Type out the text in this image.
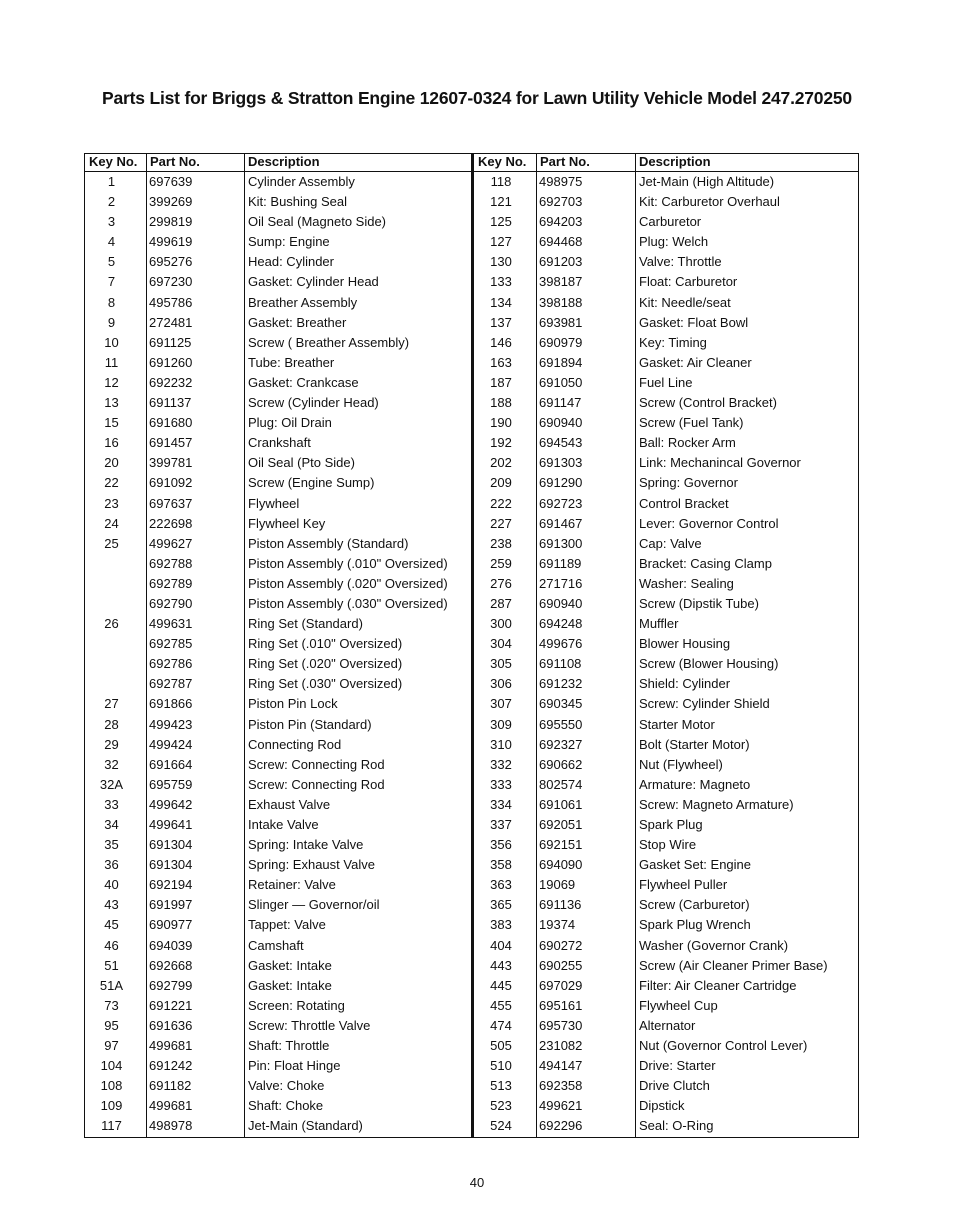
Parts List for Briggs & Stratton Engine 12607-0324 for Lawn Utility Vehicle Model 247.270250
Key No.
1
2
3
4
5
7
8
9
10
11
12
13
15
16
20
22
23
24
25
26
27
28
29
32
32A
33
34
35
36
40
43
45
46
51
51A
73
95
97
104
108
109
117
Part No.
697639
399269
299819
499619
695276
697230
495786
272481
691125
691260
692232
691137
691680
691457
399781
691092
697637
222698
499627
692788
692789
692790
499631
692785
692786
692787
691866
499423
499424
691664
695759
499642
499641
691304
691304
692194
691997
690977
694039
692668
692799
691221
691636
499681
691242
691182
499681
498978
Description
Cylinder Assembly
Kit: Bushing Seal
Oil Seal (Magneto Side)
Sump: Engine
Head: Cylinder
Gasket: Cylinder Head
Breather Assembly
Gasket: Breather
Screw ( Breather Assembly)
Tube: Breather
Gasket: Crankcase
Screw (Cylinder Head)
Plug: Oil Drain
Crankshaft
Oil Seal (Pto Side)
Screw (Engine Sump)
Flywheel
Flywheel Key
Piston Assembly (Standard)
Piston Assembly (.010" Oversized)
Piston Assembly (.020" Oversized)
Piston Assembly (.030" Oversized)
Ring Set (Standard)
Ring Set (.010" Oversized)
Ring Set (.020" Oversized)
Ring Set (.030" Oversized)
Piston Pin Lock
Piston Pin (Standard)
Connecting Rod
Screw: Connecting Rod
Screw: Connecting Rod
Exhaust Valve
Intake Valve
Spring: Intake Valve
Spring: Exhaust Valve
Retainer: Valve
Slinger — Governor/oil
Tappet: Valve
Camshaft
Gasket: Intake
Gasket: Intake
Screen: Rotating
Screw: Throttle Valve
Shaft: Throttle
Pin: Float Hinge
Valve: Choke
Shaft: Choke
Jet-Main (Standard)
Key No.
118
121
125
127
130
133
134
137
146
163
187
188
190
192
202
209
222
227
238
259
276
287
300
304
305
306
307
309
310
332
333
334
337
356
358
363
365
383
404
443
445
455
474
505
510
513
523
524
Part No.
498975
692703
694203
694468
691203
398187
398188
693981
690979
691894
691050
691147
690940
694543
691303
691290
692723
691467
691300
691189
271716
690940
694248
499676
691108
691232
690345
695550
692327
690662
802574
691061
692051
692151
694090
19069
691136
19374
690272
690255
697029
695161
695730
231082
494147
692358
499621
692296
Description
Jet-Main (High Altitude)
Kit: Carburetor Overhaul
Carburetor
Plug: Welch
Valve: Throttle
Float: Carburetor
Kit: Needle/seat
Gasket: Float Bowl
Key: Timing
Gasket: Air Cleaner
Fuel Line
Screw (Control Bracket)
Screw (Fuel Tank)
Ball: Rocker Arm
Link: Mechanincal Governor
Spring: Governor
Control Bracket
Lever: Governor Control
Cap: Valve
Bracket: Casing Clamp
Washer: Sealing
Screw (Dipstik Tube)
Muffler
Blower Housing
Screw (Blower Housing)
Shield: Cylinder
Screw: Cylinder Shield
Starter Motor
Bolt (Starter Motor)
Nut (Flywheel)
Armature: Magneto
Screw: Magneto Armature)
Spark Plug
Stop Wire
Gasket Set: Engine
Flywheel Puller
Screw (Carburetor)
Spark Plug Wrench
Washer (Governor Crank)
Screw (Air Cleaner Primer Base)
Filter: Air Cleaner Cartridge
Flywheel Cup
Alternator
Nut (Governor Control Lever)
Drive: Starter
Drive Clutch
Dipstick
Seal: O-Ring
40
